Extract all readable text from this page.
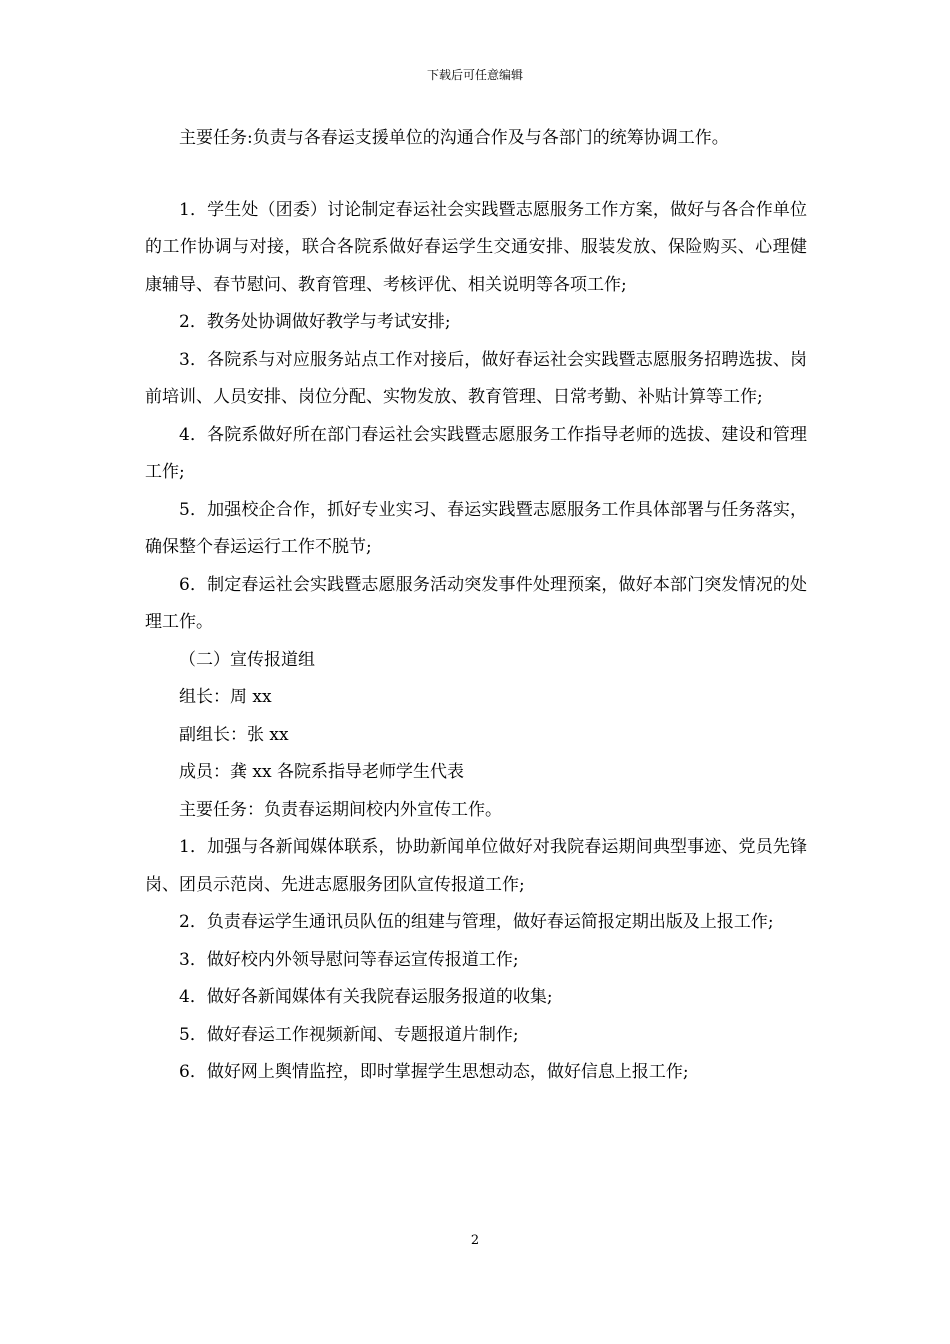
下载后可任意编辑

主要任务:负责与各春运支援单位的沟通合作及与各部门的统筹协调工作。

1．学生处（团委）讨论制定春运社会实践暨志愿服务工作方案，做好与各合作单位的工作协调与对接，联合各院系做好春运学生交通安排、服装发放、保险购买、心理健康辅导、春节慰问、教育管理、考核评优、相关说明等各项工作;

2．教务处协调做好教学与考试安排;

3．各院系与对应服务站点工作对接后，做好春运社会实践暨志愿服务招聘选拔、岗前培训、人员安排、岗位分配、实物发放、教育管理、日常考勤、补贴计算等工作;

4．各院系做好所在部门春运社会实践暨志愿服务工作指导老师的选拔、建设和管理工作;

5．加强校企合作，抓好专业实习、春运实践暨志愿服务工作具体部署与任务落实，确保整个春运运行工作不脱节;

6．制定春运社会实践暨志愿服务活动突发事件处理预案，做好本部门突发情况的处理工作。

（二）宣传报道组

组长：周 xx

副组长：张 xx

成员：龚 xx 各院系指导老师学生代表

主要任务：负责春运期间校内外宣传工作。

1．加强与各新闻媒体联系，协助新闻单位做好对我院春运期间典型事迹、党员先锋岗、团员示范岗、先进志愿服务团队宣传报道工作;

2．负责春运学生通讯员队伍的组建与管理，做好春运简报定期出版及上报工作;

3．做好校内外领导慰问等春运宣传报道工作;

4．做好各新闻媒体有关我院春运服务报道的收集;

5．做好春运工作视频新闻、专题报道片制作;

6．做好网上舆情监控，即时掌握学生思想动态，做好信息上报工作;

2
